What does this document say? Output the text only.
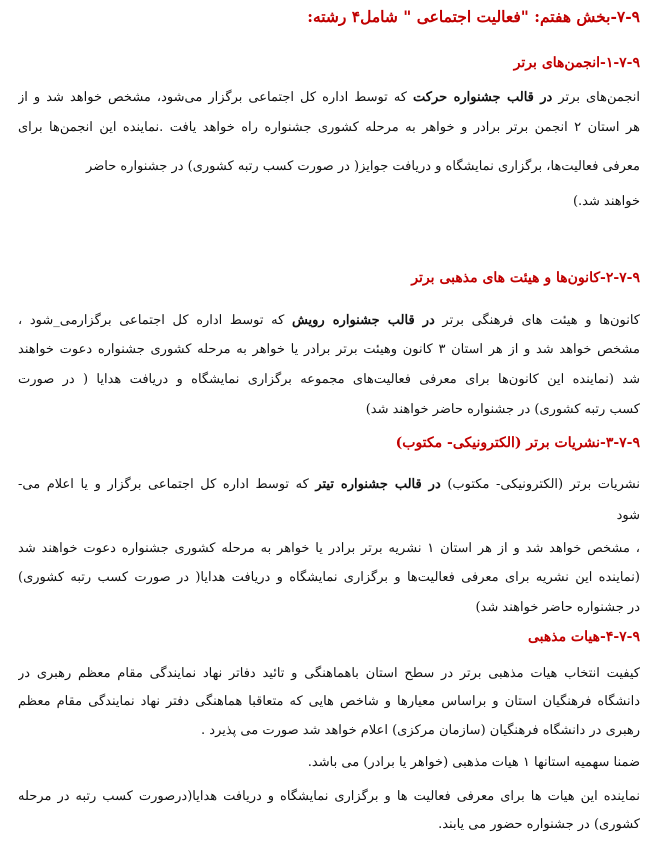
۷-۹-بخش هفتم: "فعالیت اجتماعی " شامل۴ رشته:
۱-۷-۹-انجمن‌های برتر
انجمن‌های برتر در قالب جشنواره حرکت که توسط اداره کل اجتماعی برگزار می‌شود، مشخص خواهد شد و از
هر استان ۲ انجمن برتر برادر و خواهر به مرحله کشوری جشنواره راه خواهد یافت .نماینده این انجمن‌ها برای
معرفی فعالیت‌ها، برگزاری نمایشگاه و دریافت جوایز( در صورت کسب رتبه کشوری) در جشنواره حاضر
خواهند شد.)
۲-۷-۹-کانون‌ها و هیئت های مذهبی برتر
کانون‌ها و هیئت های فرهنگی برتر در قالب جشنواره رویش که توسط اداره کل اجتماعی برگزارمی_شود ،
مشخص خواهد شد و از هر استان ۳ کانون وهیئت برتر برادر یا خواهر به مرحله کشوری جشنواره دعوت خواهند
شد (نماینده این کانون‌ها برای معرفی فعالیت‌های مجموعه برگزاری نمایشگاه و دریافت هدایا ( در صورت
کسب رتبه کشوری) در جشنواره حاضر خواهند شد)
۳-۷-۹-نشریات برتر (الکترونیکی- مکتوب)
نشریات برتر (الکترونیکی- مکتوب) در قالب جشنواره تیتر که توسط اداره کل اجتماعی برگزار و یا اعلام می-
شود
، مشخص خواهد شد و از هر استان ۱ نشریه برتر برادر یا خواهر به مرحله کشوری جشنواره دعوت خواهند شد
(نماینده این نشریه برای معرفی فعالیت‌ها و برگزاری نمایشگاه و دریافت هدایا( در صورت کسب رتبه کشوری)
در جشنواره حاضر خواهند شد)
۴-۷-۹-هیات مذهبی
کیفیت انتخاب هیات مذهبی برتر در سطح استان باهماهنگی و تائید دفاتر نهاد نمایندگی مقام معظم رهبری در
دانشگاه فرهنگیان استان و براساس معیارها و شاخص هایی که متعاقبا هماهنگی دفتر نهاد نمایندگی مقام معظم
رهبری در دانشگاه فرهنگیان (سازمان مرکزی) اعلام خواهد شد صورت می پذیرد .
ضمنا سهمیه استانها ۱ هیات مذهبی (خواهر یا برادر) می باشد.
نماینده این هیات ها برای معرفی فعالیت ها و برگزاری نمایشگاه و دریافت هدایا(درصورت کسب رتبه در مرحله
کشوری) در جشنواره حضور می یابند.
